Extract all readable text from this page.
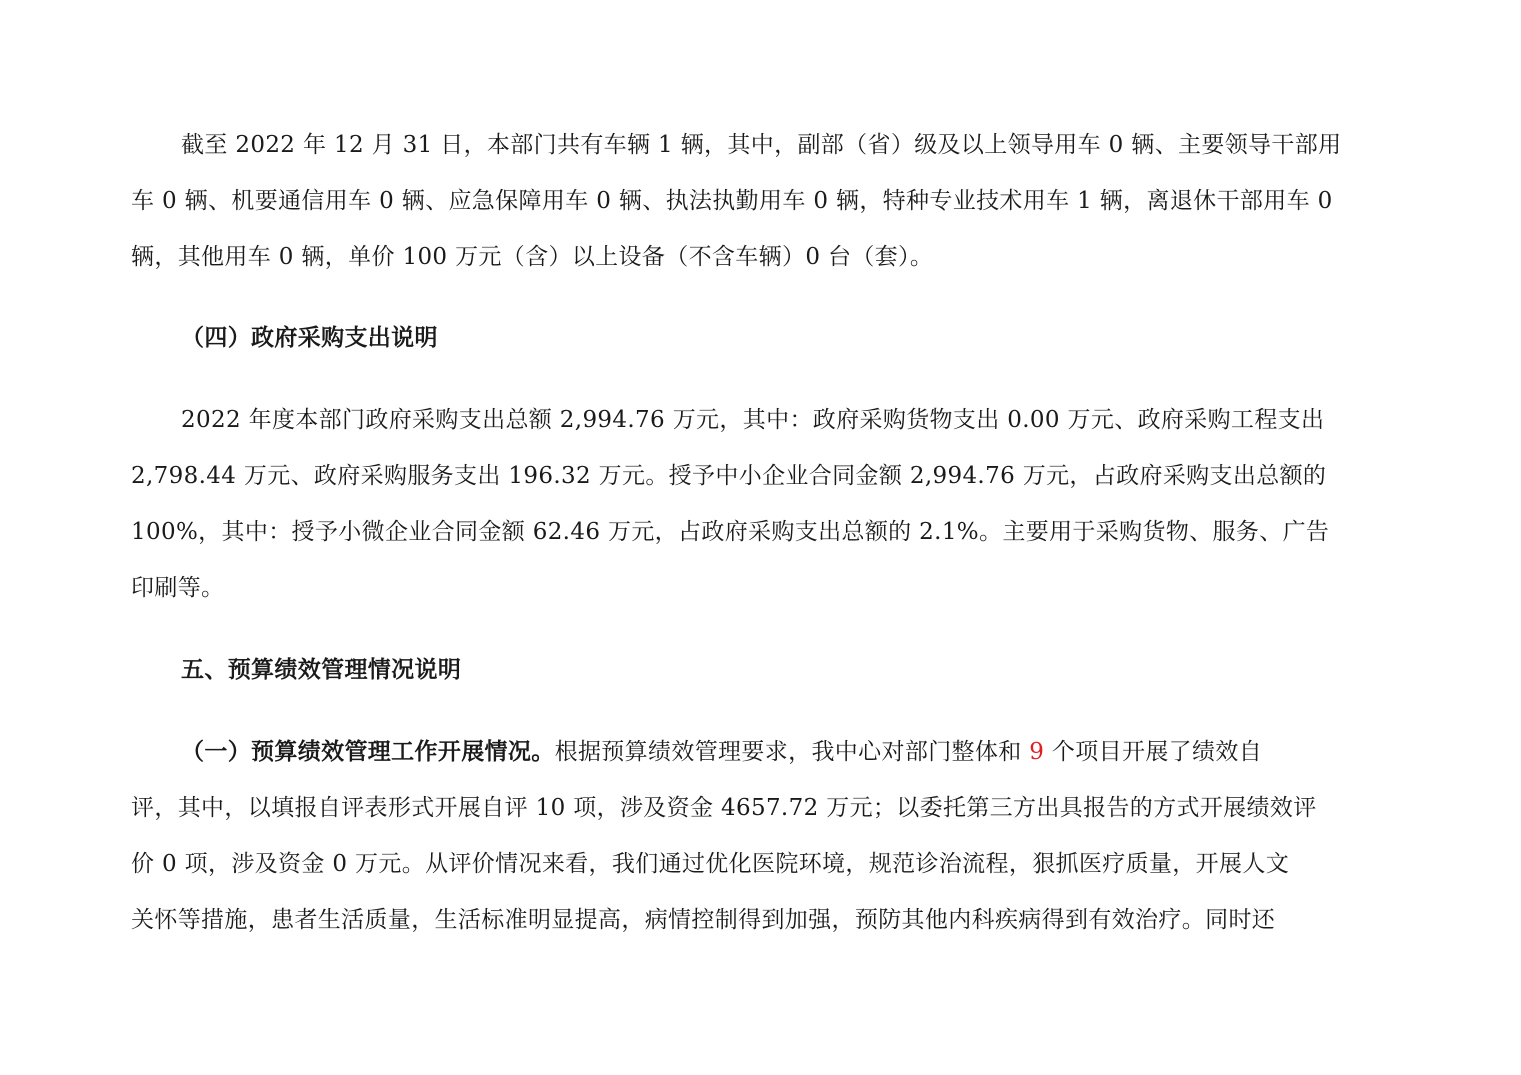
截至 2022 年 12 月 31 日，本部门共有车辆 1 辆，其中，副部（省）级及以上领导用车 0 辆、主要领导干部用
车 0 辆、机要通信用车 0 辆、应急保障用车 0 辆、执法执勤用车 0 辆，特种专业技术用车 1 辆，离退休干部用车 0
辆，其他用车 0 辆，单价 100 万元（含）以上设备（不含车辆）0 台（套）。
（四）政府采购支出说明
2022 年度本部门政府采购支出总额 2,994.76 万元，其中：政府采购货物支出 0.00 万元、政府采购工程支出
2,798.44 万元、政府采购服务支出 196.32 万元。授予中小企业合同金额 2,994.76 万元，占政府采购支出总额的
100%，其中：授予小微企业合同金额 62.46 万元，占政府采购支出总额的 2.1%。主要用于采购货物、服务、广告
印刷等。
五、预算绩效管理情况说明
（一）预算绩效管理工作开展情况。根据预算绩效管理要求，我中心对部门整体和 9 个项目开展了绩效自
评，其中，以填报自评表形式开展自评 10 项，涉及资金 4657.72 万元；以委托第三方出具报告的方式开展绩效评
价 0 项，涉及资金 0 万元。从评价情况来看，我们通过优化医院环境，规范诊治流程，狠抓医疗质量，开展人文
关怀等措施，患者生活质量，生活标准明显提高，病情控制得到加强，预防其他内科疾病得到有效治疗。同时还
